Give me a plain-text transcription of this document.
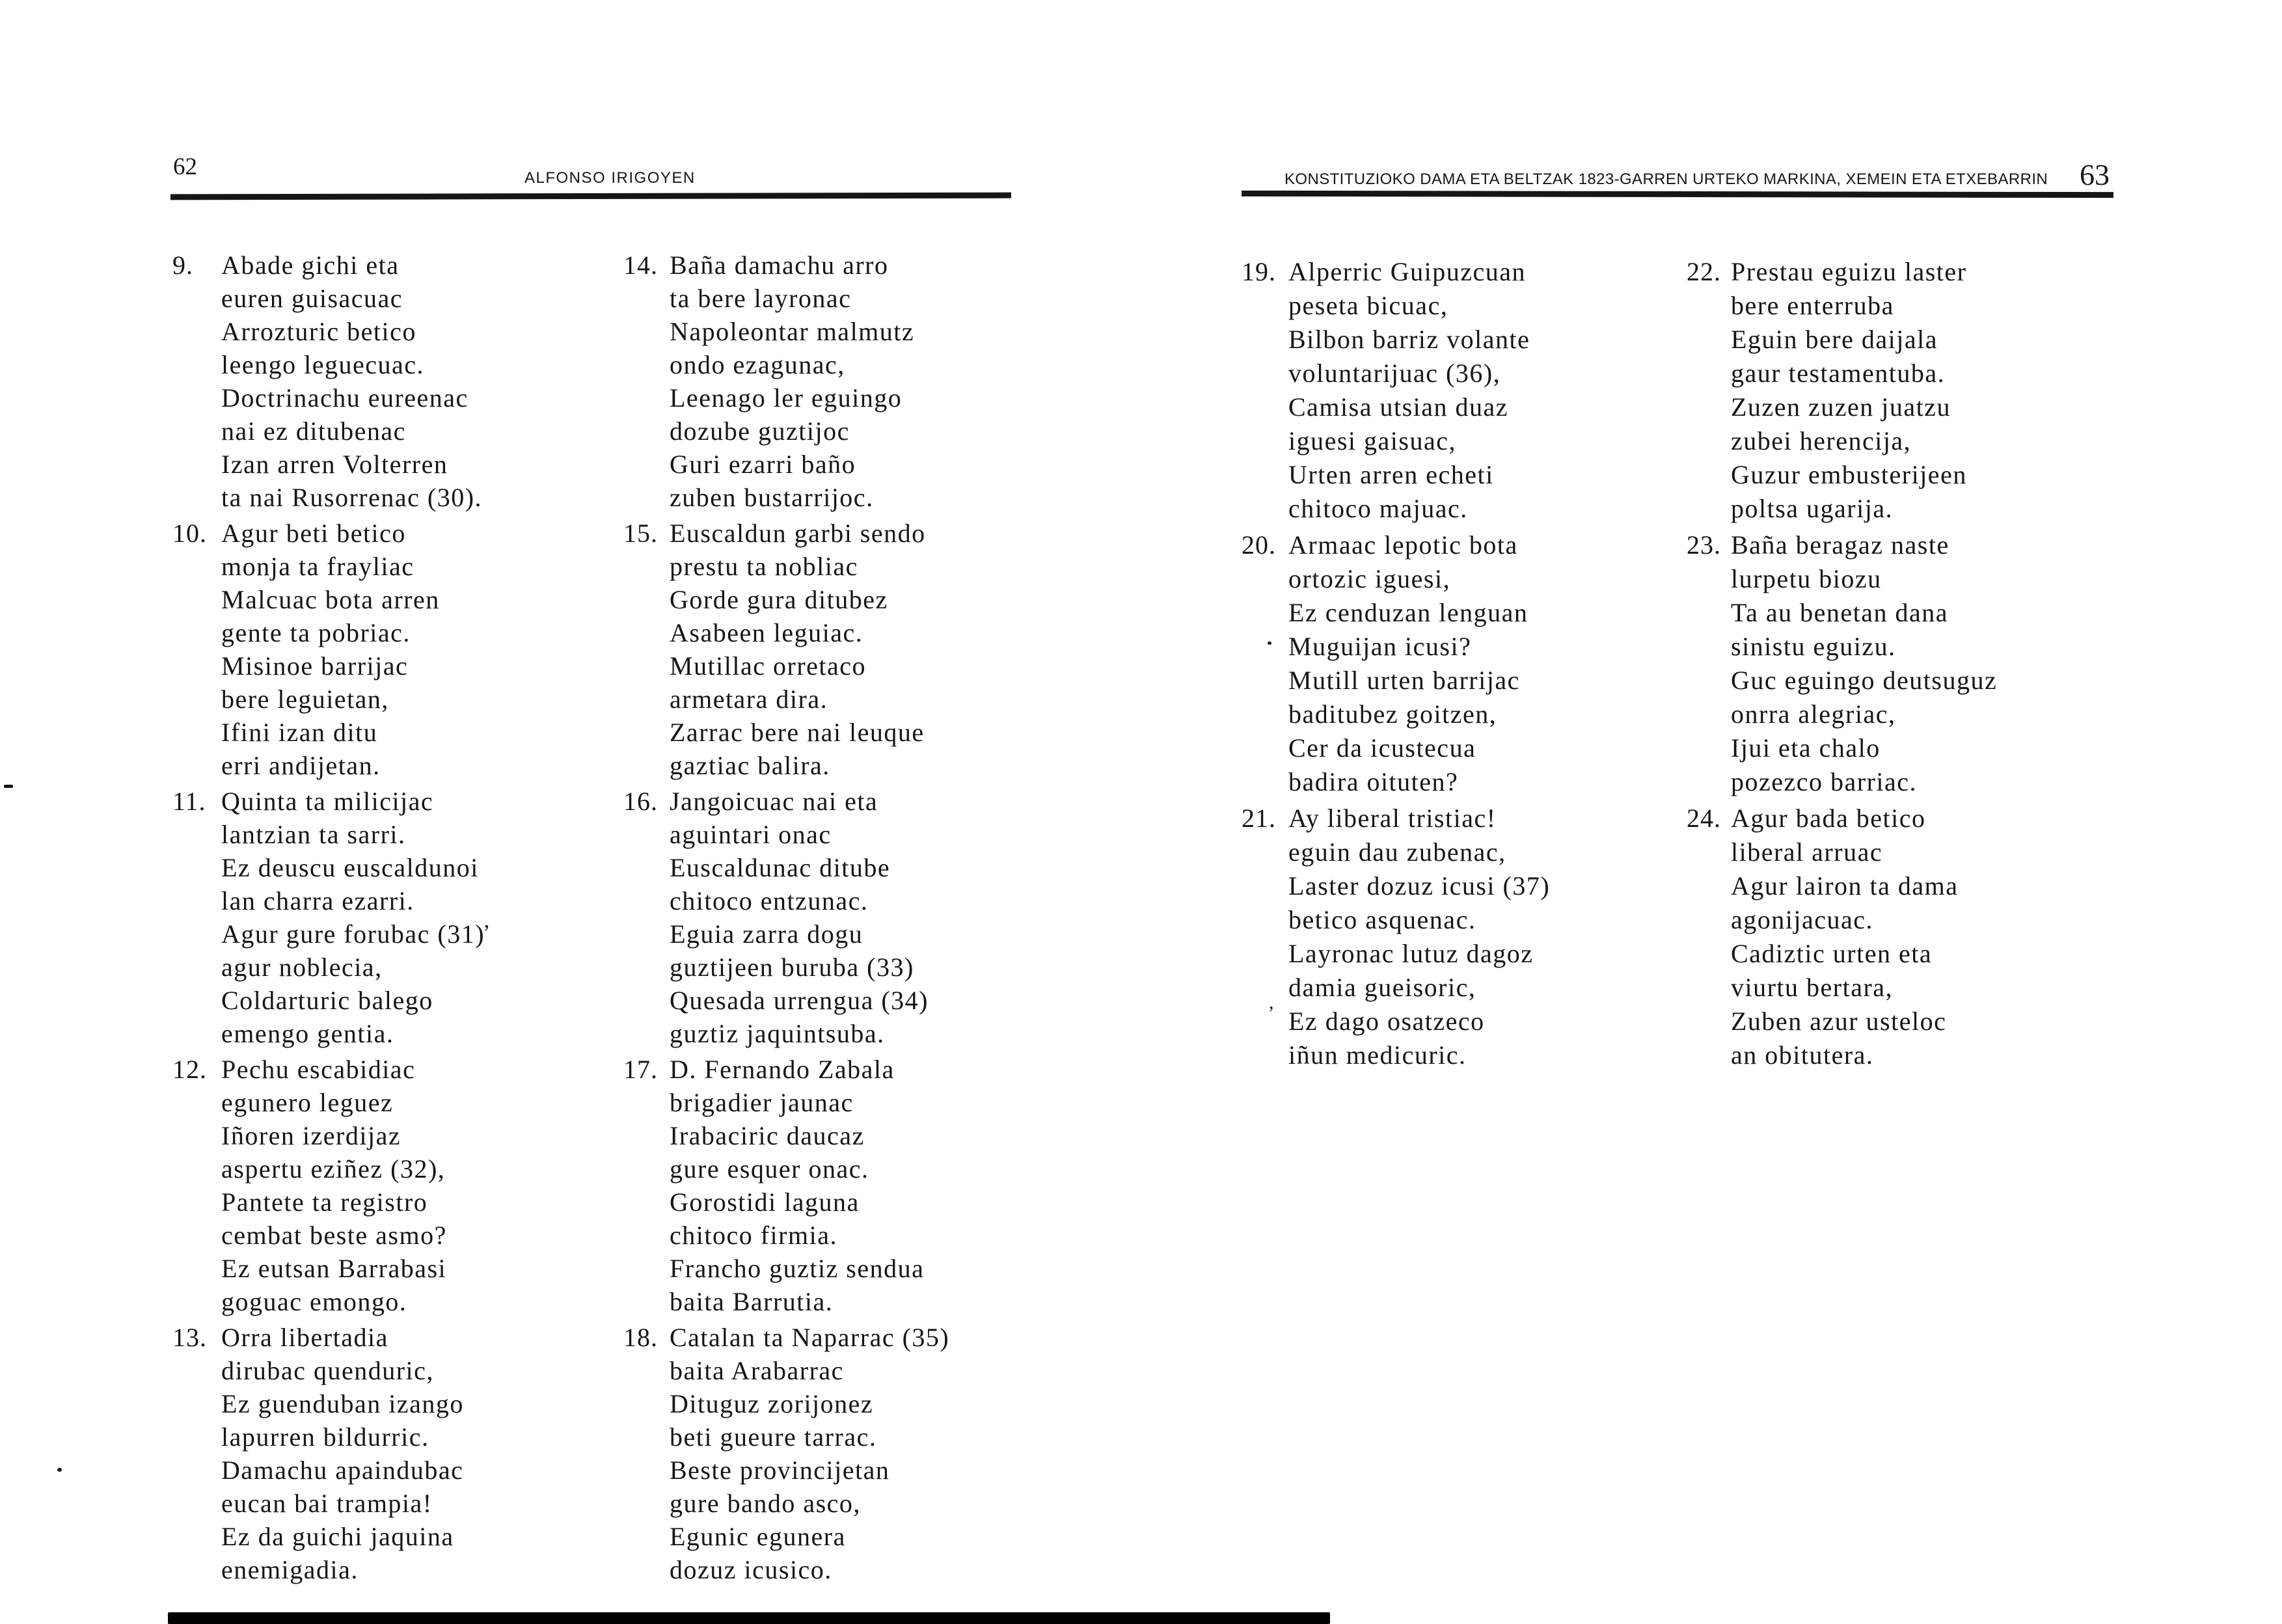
62	ALFONSO IRIGOYEN	KONSTITUZIOKO DAMA ETA BELTZAK 1823-GARREN URTEKO MARKINA, XEMEIN ETA ETXEBARRIN 63
9.	Abade gichi eta
euren guisacuac
Arrozturic betico
leengo leguecuac.
Doctrinachu eureenac
nai ez ditubenac
Izan arren Volterren
ta nai Rusorrenac (30).
10. Agur beti betico
monja ta frayliac
Malcuac bota arren
gente ta pobriac.
Misinoe barrijac
bere leguietan,
Ifini izan ditu
erri andijetan.
11. Quinta ta milicijac
lantzian ta sarri.
Ez deuscu euscaldunoi
lan charra ezarri.
Agur gure forubac (31)
agur noblecia,
Coldarturic balego
emengo gentia.
12. Pechu escabidiac
egunero leguez
Iñoren izerdijaz
aspertu eziñez (32),
Pantete ta registro
cembat beste asmo?
Ez eutsan Barrabasi
goguac emongo.
13. Orra libertadia
dirubac quenduric,
Ez guenduban izango
lapurren bildurric.
Damachu apaindubac
eucan bai trampia!
Ez da guichi jaquina
enemigadia.
14. Baña damachu arro
ta bere layronac
Napoleontar malmutz
ondo ezagunac,
Leenago ler eguingo
dozube guztijoc
Guri ezarri baño
zuben bustarrijoc.
15. Euscaldun garbi sendo
prestu ta nobliac
Gorde gura ditubez
Asabeen leguiac.
Mutillac orretaco
armetara dira.
Zarrac bere nai leuque
gaztiac balira.
16. Jangoicuac nai eta
aguintari onac
Euscaldunac ditube
chitoco entzunac.
Eguia zarra dogu
guztijeen buruba (33)
Quesada urrengua (34)
guztiz jaquintsuba.
17. D. Fernando Zabala
brigadier jaunac
Irabaciric daucaz
gure esquer onac.
Gorostidi laguna
chitoco firmia.
Francho guztiz sendua
baita Barrutia.
18. Catalan ta Naparrac (35)
baita Arabarrac
Dituguz zorijonez
beti gueure tarrac.
Beste provincijetan
gure bando asco,
Egunic egunera
dozuz icusico.
19. Alperric Guipuzcuan
peseta bicuac,
Bilbon barriz volante
voluntarijuac (36),
Camisa utsian duaz
iguesi gaisuac,
Urten arren echeti
chitoco majuac.
20. Armaac lepotic bota
ortozic iguesi,
Ez cenduzan lenguan
Muguijan icusi?
Mutill urten barrijac
baditubez goitzen,
Cer da icustecua
badira oituten?
21. Ay liberal tristiac!
eguin dau zubenac,
Laster dozuz icusi (37)
betico asquenac.
Layronac lutuz dagoz
damia gueisoric,
Ez dago osatzeco
iñun medicuric.
22. Prestau eguizu laster
bere enterruba
Eguin bere daijala
gaur testamentuba.
Zuzen zuzen juatzu
zubei herencija,
Guzur embusterijeen
poltsa ugarija.
23. Baña beragaz naste
lurpetu biozu
Ta au benetan dana
sinistu eguizu.
Guc eguingo deutsuguz
onrra alegriac,
Ijui eta chalo
pozezco barriac.
24. Agur bada betico
liberal arruac
Agur lairon ta dama
agonijacuac.
Cadiztic urten eta
viurtu bertara,
Zuben azur usteloc
an obitutera.
’
,
